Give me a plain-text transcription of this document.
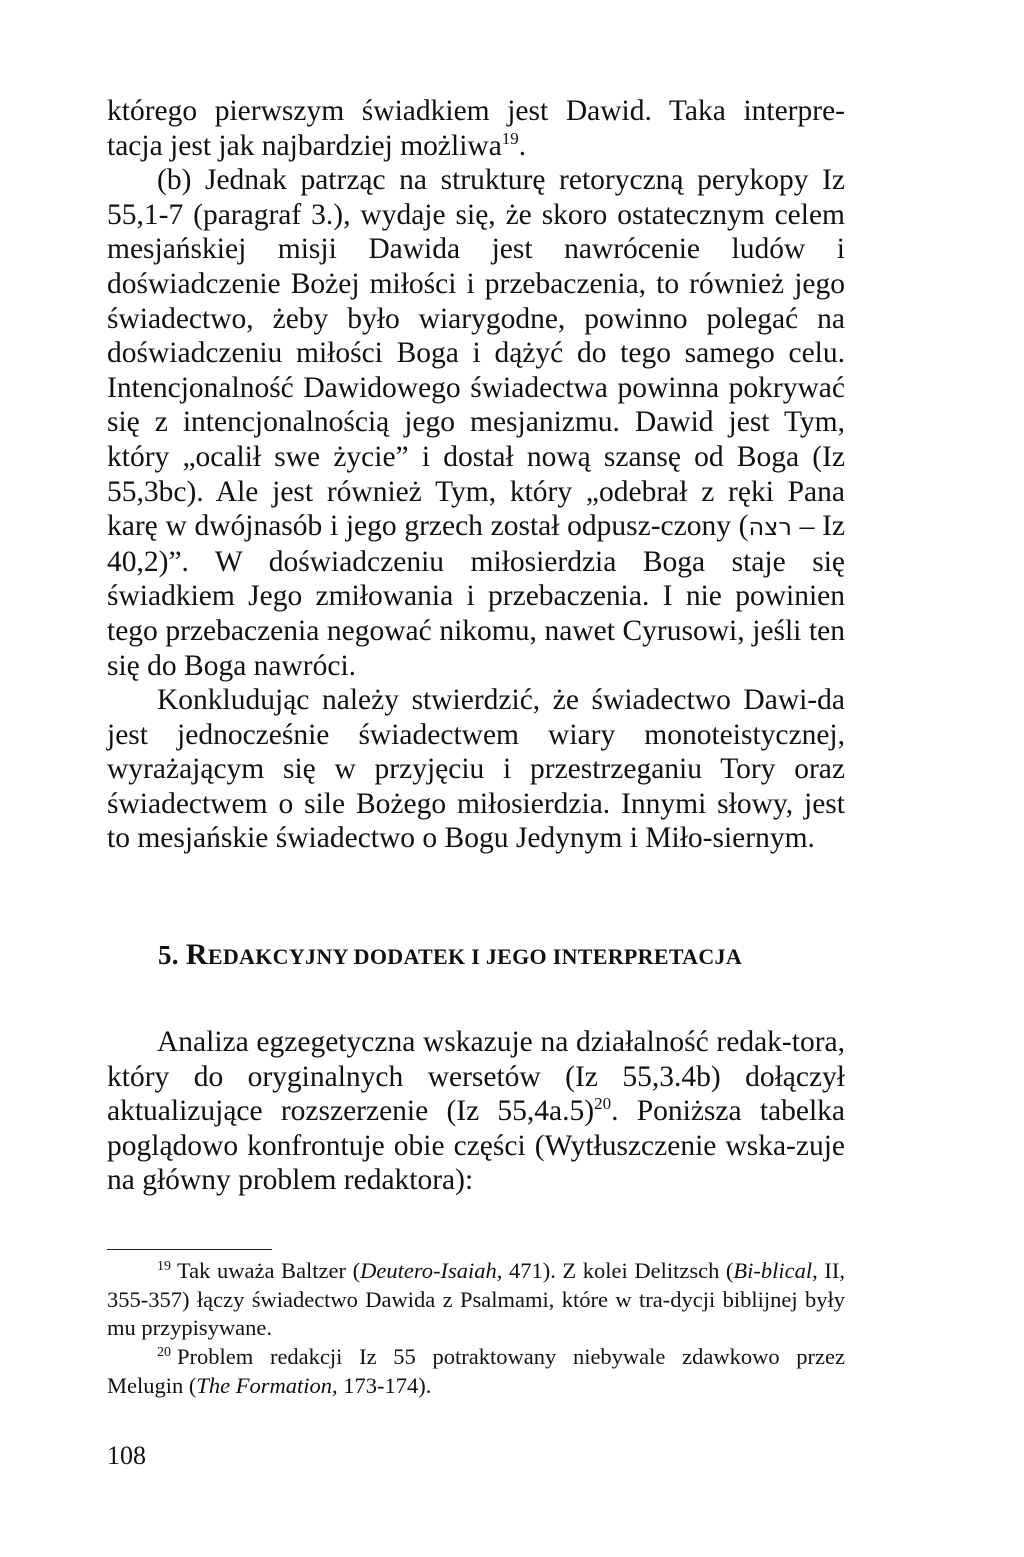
którego pierwszym świadkiem jest Dawid. Taka interpre-
tacja jest jak najbardziej możliwa$^{19}$.

(b) Jednak patrząc na strukturę retoryczną perykopy Iz 55,1-7 (paragraf 3.), wydaje się, że skoro ostatecznym celem mesjańskiej misji Dawida jest nawrócenie ludów i doświadczenie Bożej miłości i przebaczenia, to również jego świadectwo, żeby było wiarygodne, powinno polegać na doświadczeniu miłości Boga i dążyć do tego samego celu. Intencjonalność Dawidowego świadectwa powinna pokrywać się z intencjonalnością jego mesjanizmu. Dawid jest Tym, który „ocalił swe życie” i dostał nową szansę od Boga (Iz 55,3bc). Ale jest również Tym, który „odebrał z ręki Pana karę w dwójnasób i jego grzech został odpusz-czony (רצה – Iz 40,2)”. W doświadczeniu miłosierdzia Boga staje się świadkiem Jego zmiłowania i przebaczenia. I nie powinien tego przebaczenia negować nikomu, nawet Cyrusowi, jeśli ten się do Boga nawróci.

Konkludując należy stwierdzić, że świadectwo Dawi-da jest jednocześnie świadectwem wiary monoteistycznej, wyrażającym się w przyjęciu i przestrzeganiu Tory oraz świadectwem o sile Bożego miłosierdzia. Innymi słowy, jest to mesjańskie świadectwo o Bogu Jedynym i Miło-siernym.

5. REDAKCYJNY DODATEK I JEGO INTERPRETACJA

Analiza egzegetyczna wskazuje na działalność redak-tora, który do oryginalnych wersetów (Iz 55,3.4b) dołączył aktualizujące rozszerzenie (Iz 55,4a.5)$^{20}$. Poniższa tabelka poglądowo konfrontuje obie części (Wytłuszczenie wska-zuje na główny problem redaktora):

$^{19}$ Tak uważa Baltzer (Deutero-Isaiah, 471). Z kolei Delitzsch (Bi-blical, II, 355-357) łączy świadectwo Dawida z Psalmami, które w tra-dycji biblijnej były mu przypisywane.

$^{20}$ Problem redakcji Iz 55 potraktowany niebywale zdawkowo przez Melugin (The Formation, 173-174).

108
